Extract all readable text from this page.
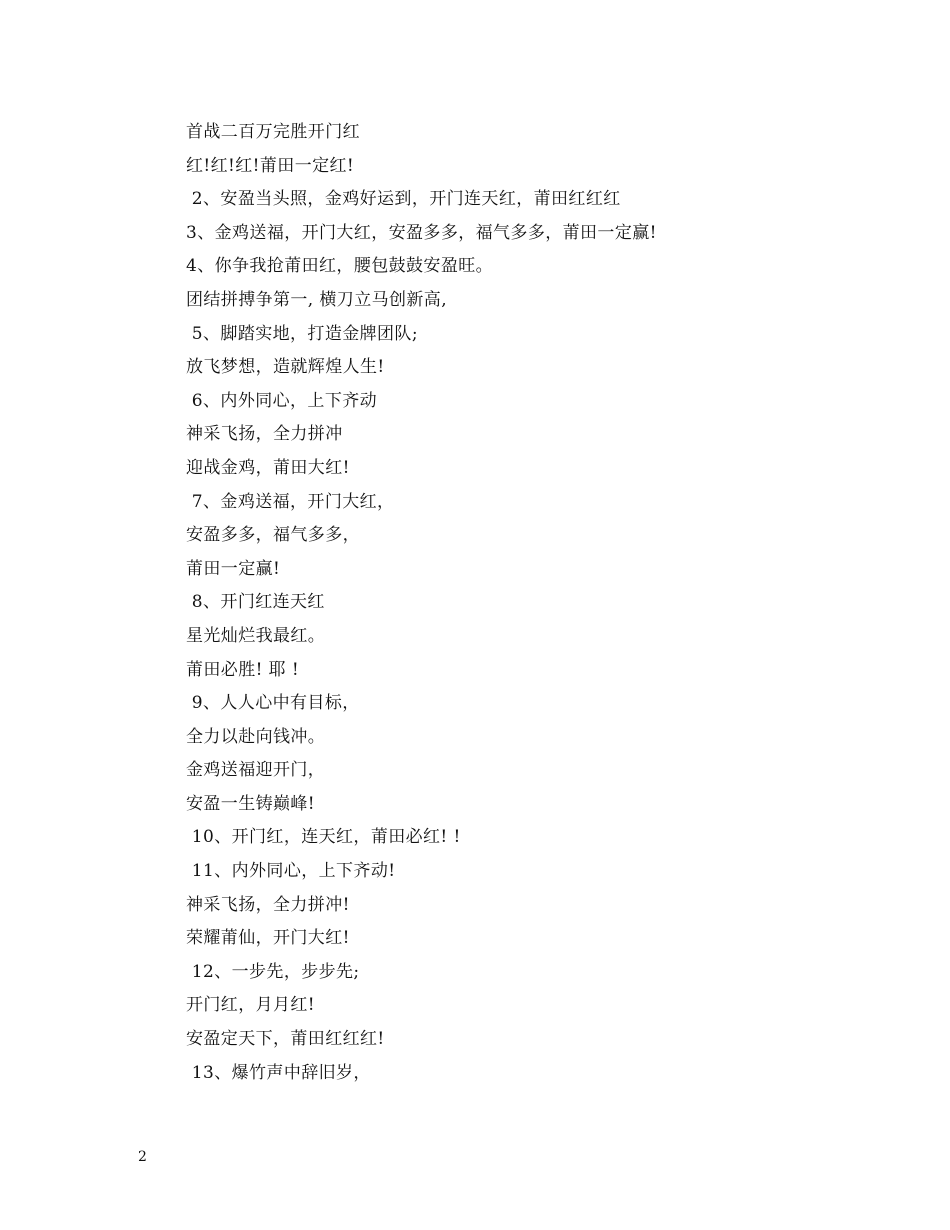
首战二百万完胜开门红
红!红!红!莆田一定红!
2、安盈当头照，金鸡好运到，开门连天红，莆田红红红
3、金鸡送福，开门大红，安盈多多，福气多多，莆田一定赢!
4、你争我抢莆田红，腰包鼓鼓安盈旺。
团结拼搏争第一, 横刀立马创新高,
5、脚踏实地，打造金牌团队;
放飞梦想，造就辉煌人生!
6、内外同心，上下齐动
神采飞扬，全力拼冲
迎战金鸡，莆田大红!
7、金鸡送福，开门大红，
安盈多多，福气多多，
莆田一定赢!
8、开门红连天红
星光灿烂我最红。
莆田必胜! 耶 !
9、人人心中有目标，
全力以赴向钱冲。
金鸡送福迎开门，
安盈一生铸巅峰!
10、开门红，连天红，莆田必红! !
11、内外同心，上下齐动!
神采飞扬，全力拼冲!
荣耀莆仙，开门大红!
12、一步先，步步先;
开门红，月月红!
安盈定天下，莆田红红红!
13、爆竹声中辞旧岁，
2
